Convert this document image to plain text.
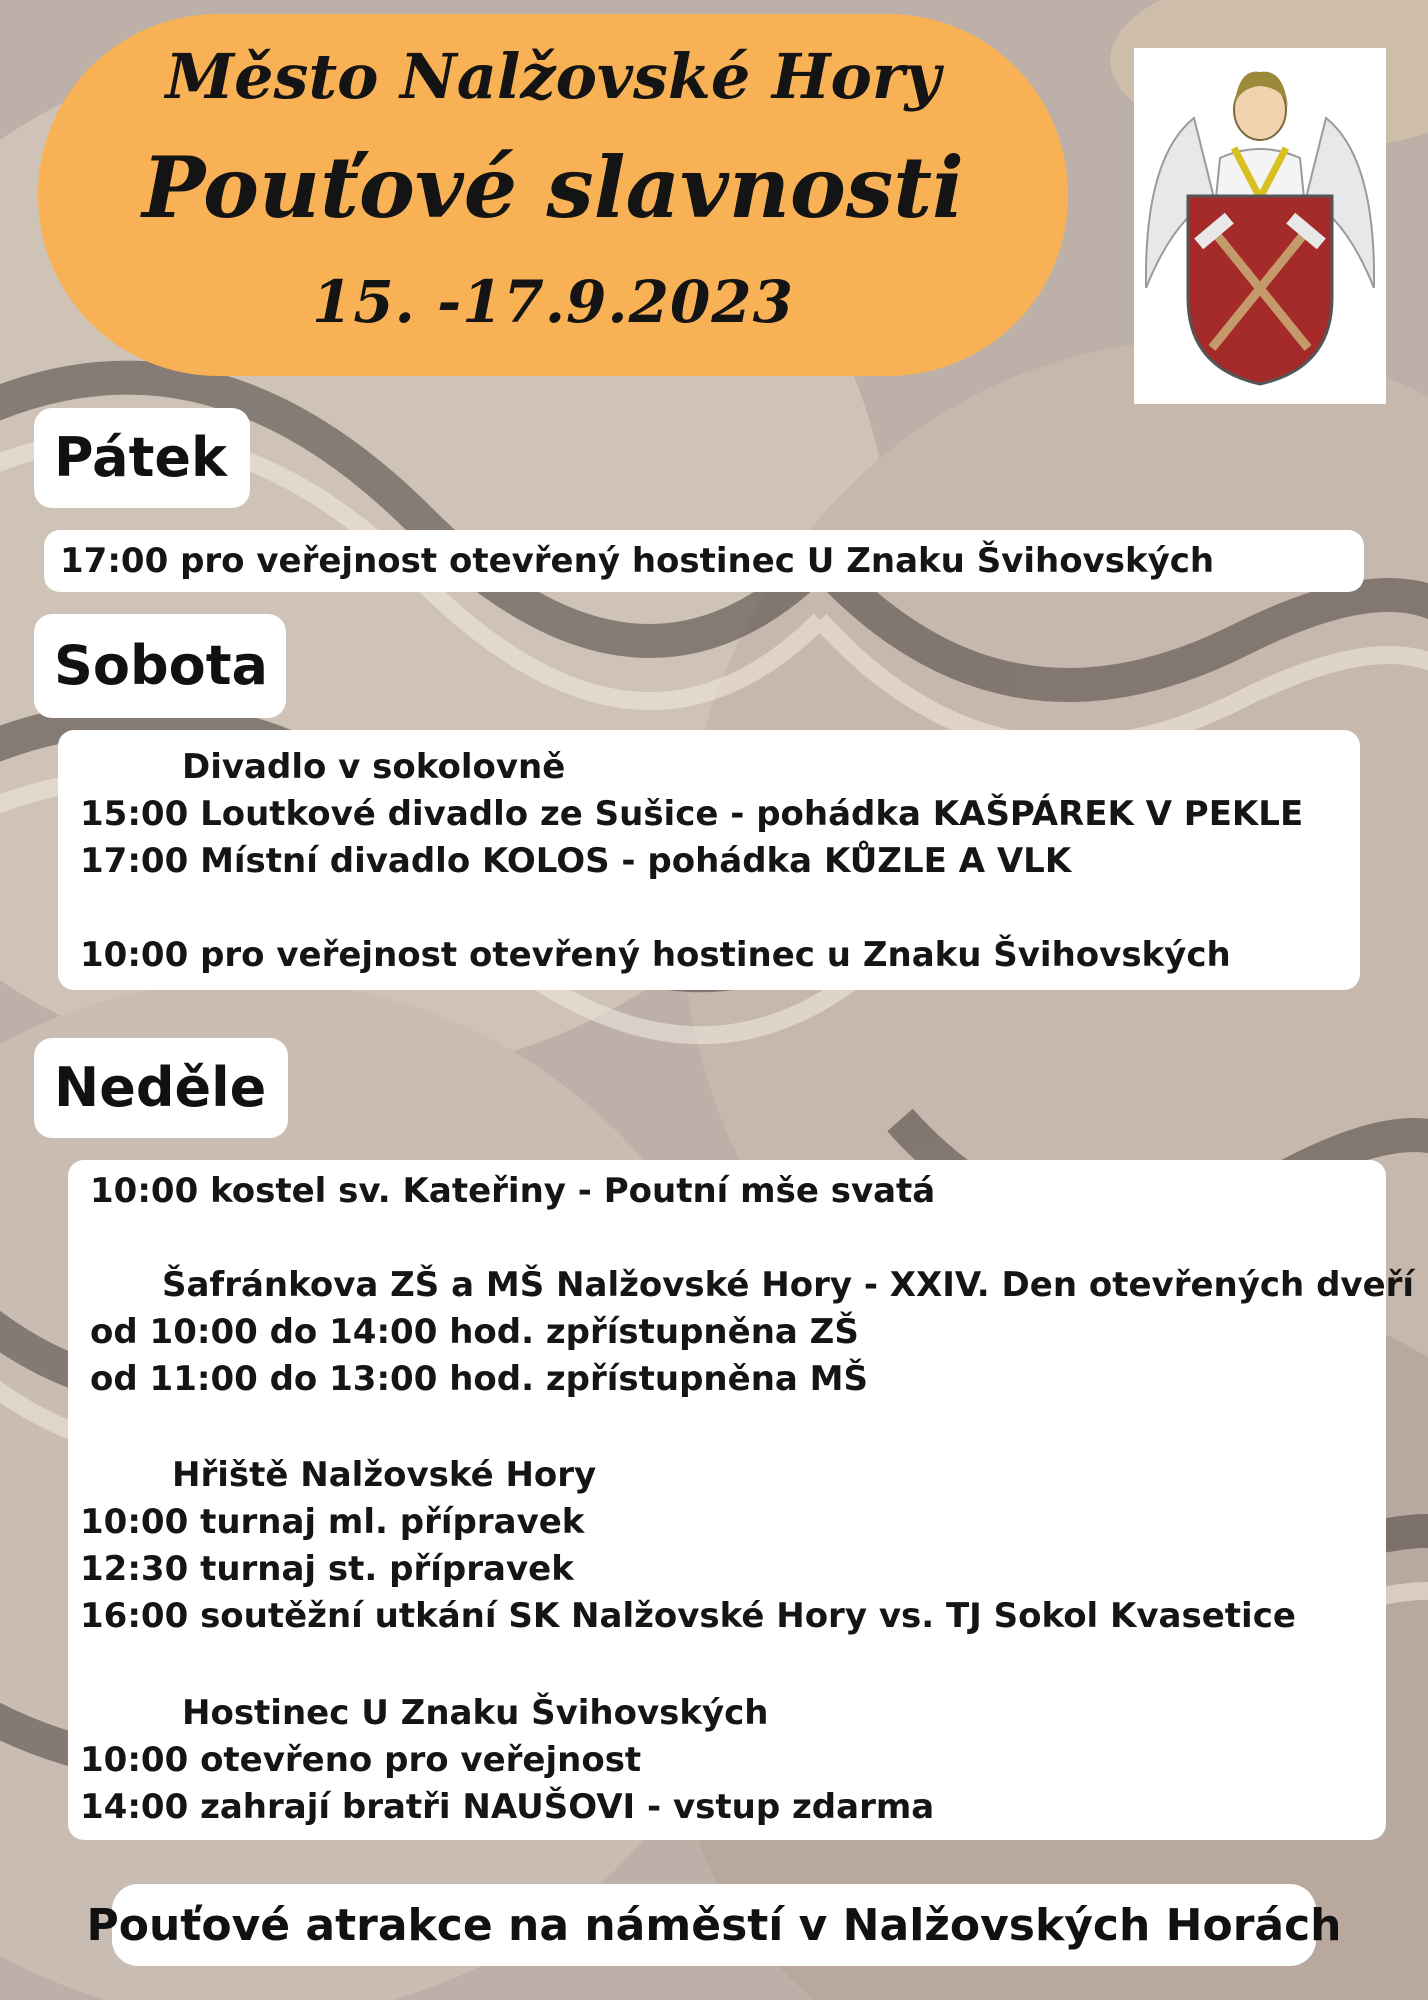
Město Nalžovské Hory
Pouťové slavnosti
15. -17.9.2023
Pátek
17:00 pro veřejnost otevřený hostinec U Znaku Švihovských
Sobota
Divadlo v sokolovně
15:00 Loutkové divadlo ze Sušice - pohádka KAŠPÁREK V PEKLE
17:00 Místní divadlo KOLOS - pohádka KŮZLE A VLK
10:00 pro veřejnost otevřený hostinec u Znaku Švihovských
Neděle
10:00 kostel sv. Kateřiny - Poutní mše svatá
Šafránkova ZŠ a MŠ Nalžovské Hory - XXIV. Den otevřených dveří
od 10:00 do 14:00 hod. zpřístupněna ZŠ
od 11:00 do 13:00 hod. zpřístupněna MŠ
Hřiště Nalžovské Hory
10:00 turnaj ml. přípravek
12:30 turnaj st. přípravek
16:00 soutěžní utkání SK Nalžovské Hory vs. TJ Sokol Kvasetice
Hostinec U Znaku Švihovských
10:00 otevřeno pro veřejnost
14:00 zahrají bratři NAUŠOVI - vstup zdarma
Pouťové atrakce na náměstí v Nalžovských Horách
